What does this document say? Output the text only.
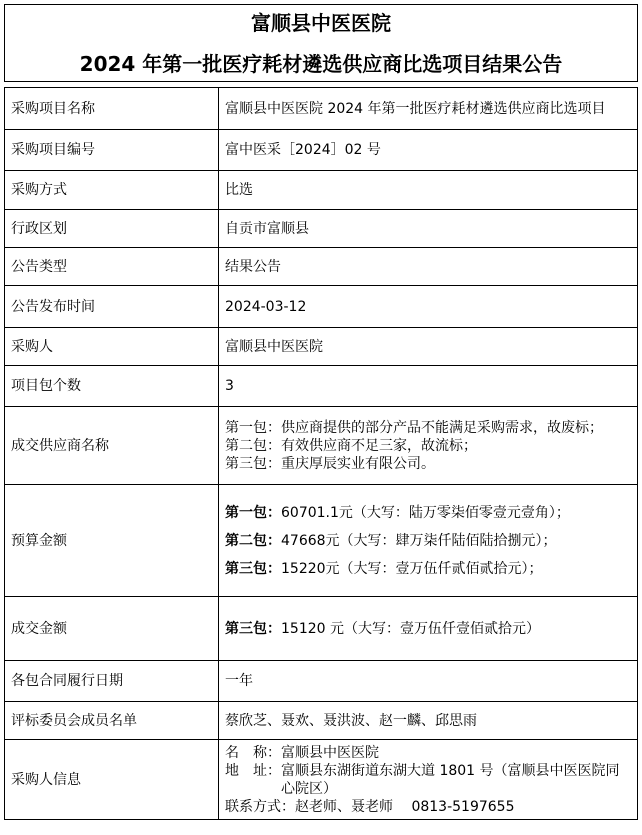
富顺县中医医院
2024 年第一批医疗耗材遴选供应商比选项目结果公告
采购项目名称	富顺县中医医院 2024 年第一批医疗耗材遴选供应商比选项目
采购项目编号	富中医采［2024］02 号
采购方式	比选
行政区划	自贡市富顺县
公告类型	结果公告
公告发布时间	2024-03-12
采购人	富顺县中医医院
项目包个数	3
成交供应商名称	第一包：供应商提供的部分产品不能满足采购需求，故废标；

第二包：有效供应商不足三家，故流标；

第三包：重庆厚辰实业有限公司。

预算金额	第一包：60701.1元（大写：陆万零柒佰零壹元壹角）；

第二包：47668元（大写：肆万柒仟陆佰陆拾捌元）；

第三包：15220元（大写：壹万伍仟贰佰贰拾元）；

成交金额	第三包：15120 元（大写：壹万伍仟壹佰贰拾元）
各包合同履行日期	一年
评标委员会成员名单	蔡欣芝、聂欢、聂洪波、赵一麟、邱思雨
采购人信息	名　称：富顺县中医医院

地　址：富顺县东湖街道东湖大道 1801 号（富顺县中医医院同心院区）

联系方式：赵老师、聂老师　 0813-5197655
